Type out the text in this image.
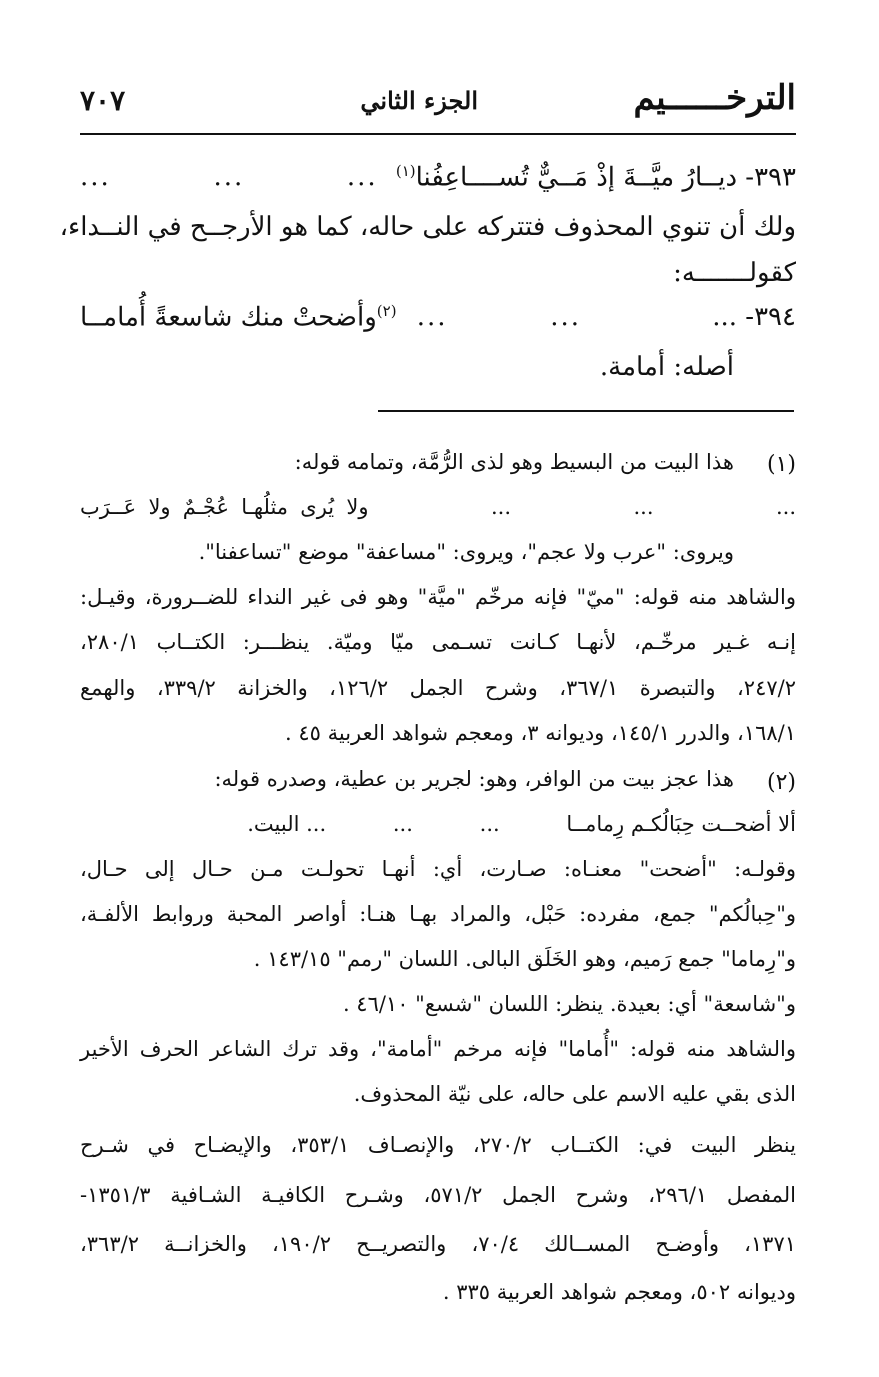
الترخــــــيم
الجزء الثاني
٧٠٧
٣٩٣- ديــارُ ميَّــةَ إذْ مَــيٌّ تُســــاعِفُنا$^{(١)}$
...          ...          ...
ولك أن تنوي المحذوف فتتركه على حاله، كما هو الأرجــح في النــداء،
كقولـــــــه:
٣٩٤- ...
...          ...
$^{(٢)}$وأضحتْ منك شاسعةً أُمامــا
أصله: أمامة.
(١)
هذا البيت من البسيط وهو لذى الرُّمَّة، وتمامه قوله:
...          ...          ...          ولا يُرى مثلُهـا عُجْـمٌ ولا عَــرَب
ويروى: "عرب ولا عجم"، ويروى: "مساعفة" موضع "تساعفنا".
والشاهد منه قوله: "ميّ" فإنه مرخّم "ميَّة" وهو فى غير النداء للضــرورة، وقيـل:
إنـه غـير مرخّـم، لأنهـا كـانت تسـمى ميّا وميّة. ينظـــر: الكتــاب ٢٨٠/١،
٢٤٧/٢، والتبصرة ٣٦٧/١، وشرح الجمل ١٢٦/٢، والخزانة ٣٣٩/٢، والهمع
١٦٨/١، والدرر ١٤٥/١، وديوانه ٣، ومعجم شواهد العربية ٤٥ .
(٢)
هذا عجز بيت من الوافر، وهو: لجرير بن عطية، وصدره قوله:
ألا أضحــت حِبَالُكـم رِمامــا          ...          ...          ... البيت.
وقولـه: "أضحت" معنـاه: صـارت، أي: أنهـا تحولـت مـن حـال إلى حـال،
و"حِبالُكم" جمع، مفرده: حَبْل، والمراد بهـا هنـا: أواصر المحبة وروابط الألفـة،
و"رِماما" جمع رَميم، وهو الخَلَق البالى. اللسان "رمم" ١٤٣/١٥ .
و"شاسعة" أي: بعيدة. ينظر: اللسان "شسع" ٤٦/١٠ .
والشاهد منه قوله: "أُماما" فإنه مرخم "أمامة"، وقد ترك الشاعر الحرف الأخير
الذى بقي عليه الاسم على حاله، على نيّة المحذوف.
ينظر البيت في: الكتــاب ٢٧٠/٢، والإنصـاف ٣٥٣/١، والإيضـاح في شـرح
المفصل ٢٩٦/١، وشرح الجمل ٥٧١/٢، وشـرح الكافيـة الشـافية ١٣٥١/٣-
١٣٧١، وأوضـح المســالك ٧٠/٤، والتصريــح ١٩٠/٢، والخزانــة ٣٦٣/٢،
وديوانه ٥٠٢، ومعجم شواهد العربية ٣٣٥ .
